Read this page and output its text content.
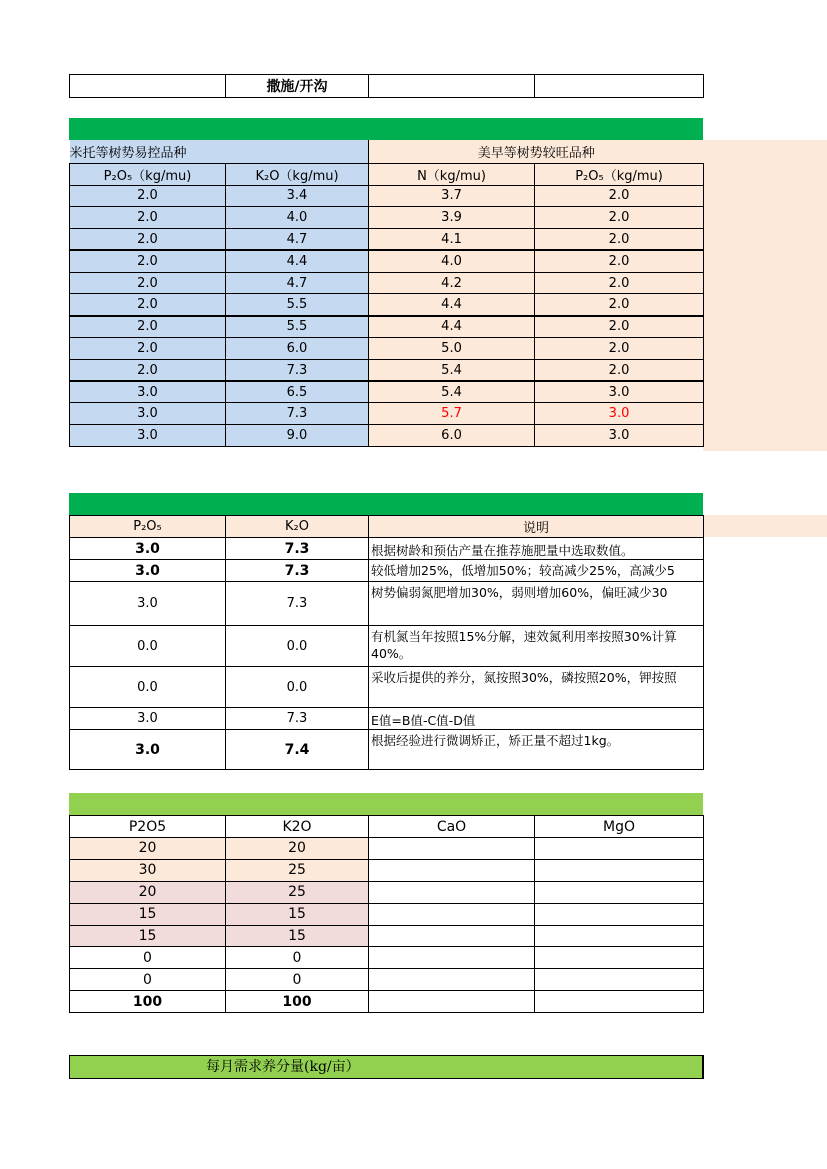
	撒施/开沟		
米托等树势易控品种		美早等树势较旺品种	
P₂O₅（kg/mu)	K₂O（kg/mu)	N（kg/mu)	P₂O₅（kg/mu)
2.0	3.4	3.7	2.0
2.0	4.0	3.9	2.0
2.0	4.7	4.1	2.0
2.0	4.4	4.0	2.0
2.0	4.7	4.2	2.0
2.0	5.5	4.4	2.0
2.0	5.5	4.4	2.0
2.0	6.0	5.0	2.0
2.0	7.3	5.4	2.0
3.0	6.5	5.4	3.0
3.0	7.3	5.7	3.0
3.0	9.0	6.0	3.0
P₂O₅	K₂O	说明
3.0	7.3	根据树龄和预估产量在推荐施肥量中选取数值。
3.0	7.3	较低增加25%，低增加50%；较高减少25%，高减少5
3.0	7.3	树势偏弱氮肥增加30%，弱则增加60%，偏旺减少30
0.0	0.0	有机氮当年按照15%分解，速效氮利用率按照30%计算 40%。
0.0	0.0	采收后提供的养分，氮按照30%，磷按照20%，钾按照
3.0	7.3	E值=B值-C值-D值
3.0	7.4	根据经验进行微调矫正，矫正量不超过1kg。
P2O5	K2O	CaO	MgO
20	20		
30	25		
20	25		
15	15		
15	15		
0	0		
0	0		
100	100		
每月需求养分量(kg/亩）
